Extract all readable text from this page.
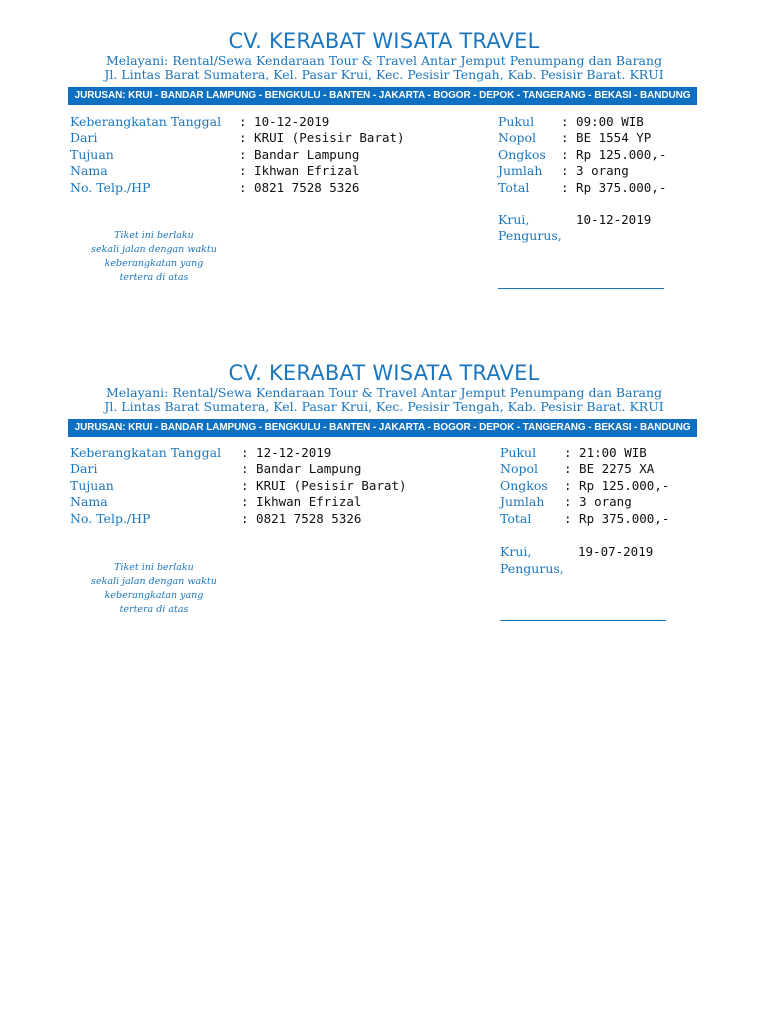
CV. KERABAT WISATA TRAVEL
Melayani: Rental/Sewa Kendaraan Tour & Travel Antar Jemput Penumpang dan Barang
Jl. Lintas Barat Sumatera, Kel. Pasar Krui, Kec. Pesisir Tengah, Kab. Pesisir Barat. KRUI
JURUSAN: KRUI - BANDAR LAMPUNG - BENGKULU - BANTEN - JAKARTA - BOGOR - DEPOK - TANGERANG - BEKASI - BANDUNG
Keberangkatan Tanggal
Dari
Tujuan
Nama
No. Telp./HP
: 10-12-2019
: KRUI (Pesisir Barat)
: Bandar Lampung
: Ikhwan Efrizal
: 0821 7528 5326
Pukul
Nopol
Ongkos
Jumlah
Total
: 09:00 WIB
: BE 1554 YP
: Rp 125.000,-
: 3 orang
: Rp 375.000,-
Krui,	10-12-2019
Pengurus,
Tiket ini berlaku
sekali jalan dengan waktu
keberangkatan yang
tertera di atas
CV. KERABAT WISATA TRAVEL
Melayani: Rental/Sewa Kendaraan Tour & Travel Antar Jemput Penumpang dan Barang
Jl. Lintas Barat Sumatera, Kel. Pasar Krui, Kec. Pesisir Tengah, Kab. Pesisir Barat. KRUI
JURUSAN: KRUI - BANDAR LAMPUNG - BENGKULU - BANTEN - JAKARTA - BOGOR - DEPOK - TANGERANG - BEKASI - BANDUNG
Keberangkatan Tanggal
Dari
Tujuan
Nama
No. Telp./HP
: 12-12-2019
: Bandar Lampung
: KRUI (Pesisir Barat)
: Ikhwan Efrizal
: 0821 7528 5326
Pukul
Nopol
Ongkos
Jumlah
Total
: 21:00 WIB
: BE 2275 XA
: Rp 125.000,-
: 3 orang
: Rp 375.000,-
Krui,	19-07-2019
Pengurus,
Tiket ini berlaku
sekali jalan dengan waktu
keberangkatan yang
tertera di atas
